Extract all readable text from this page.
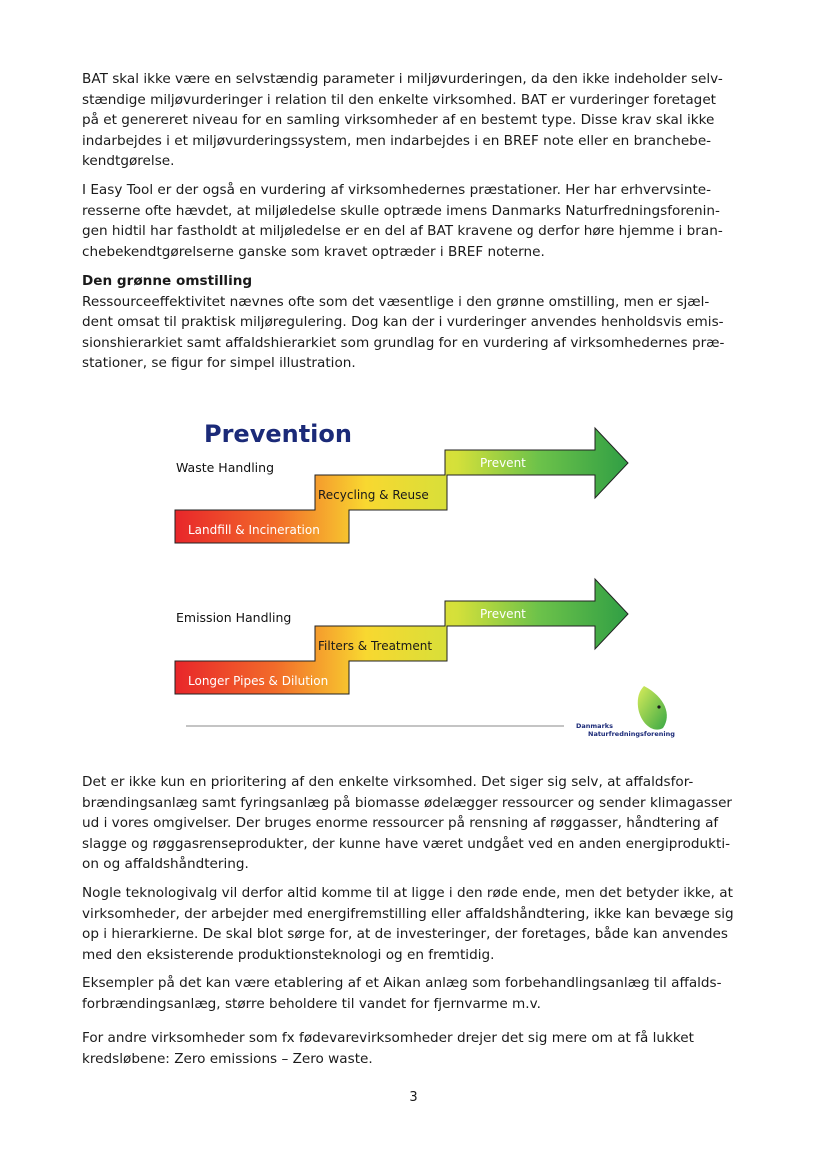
BAT skal ikke være en selvstændig parameter i miljøvurderingen, da den ikke indeholder selv-
stændige miljøvurderinger i relation til den enkelte virksomhed. BAT er vurderinger foretaget
på et genereret niveau for en samling virksomheder af en bestemt type. Disse krav skal ikke
indarbejdes i et miljøvurderingssystem, men indarbejdes i en BREF note eller en branchebe-
kendtgørelse.
I Easy Tool er der også en vurdering af virksomhedernes præstationer. Her har erhvervsinte-
resserne ofte hævdet, at miljøledelse skulle optræde imens Danmarks Naturfredningsforenin-
gen hidtil har fastholdt at miljøledelse er en del af BAT kravene og derfor høre hjemme i bran-
chebekendtgørelserne ganske som kravet optræder i BREF noterne.
Den grønne omstilling
Ressourceeffektivitet nævnes ofte som det væsentlige i den grønne omstilling, men er sjæl-
dent omsat til praktisk miljøregulering. Dog kan der i vurderinger anvendes henholdsvis emis-
sionshierarkiet samt affaldshierarkiet som grundlag for en vurdering af virksomhedernes præ-
stationer, se figur for simpel illustration.
Prevention
Waste Handling
Landfill & Incineration
Recycling & Reuse
Prevent
Emission Handling
Longer Pipes & Dilution
Filters & Treatment
Prevent
Danmarks
Naturfredningsforening
Det er ikke kun en prioritering af den enkelte virksomhed. Det siger sig selv, at affaldsfor-
brændingsanlæg samt fyringsanlæg på biomasse ødelægger ressourcer og sender klimagasser
ud i vores omgivelser. Der bruges enorme ressourcer på rensning af røggasser, håndtering af
slagge og røggasrenseprodukter, der kunne have været undgået ved en anden energiprodukti-
on og affaldshåndtering.
Nogle teknologivalg vil derfor altid komme til at ligge i den røde ende, men det betyder ikke, at
virksomheder, der arbejder med energifremstilling eller affaldshåndtering, ikke kan bevæge sig
op i hierarkierne. De skal blot sørge for, at de investeringer, der foretages, både kan anvendes
med den eksisterende produktionsteknologi og en fremtidig.
Eksempler på det kan være etablering af et Aikan anlæg som forbehandlingsanlæg til affalds-
forbrændingsanlæg, større beholdere til vandet for fjernvarme m.v.
For andre virksomheder som fx fødevarevirksomheder drejer det sig mere om at få lukket
kredsløbene: Zero emissions – Zero waste.
3
